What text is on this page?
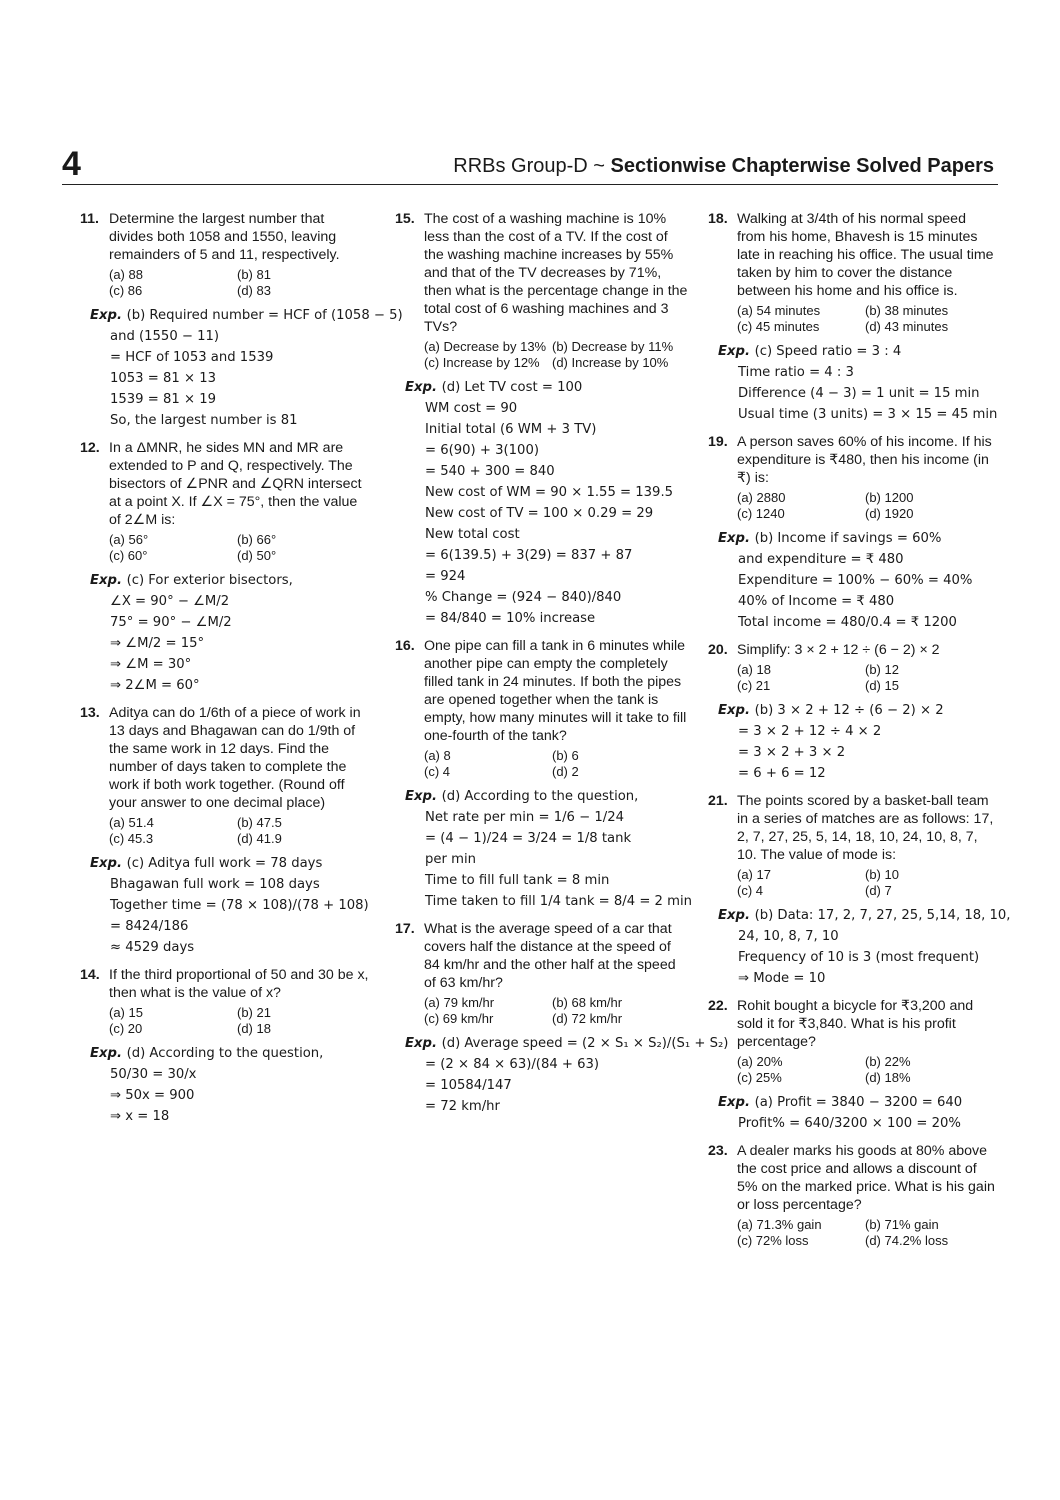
4	RRBs Group-D ~ Sectionwise Chapterwise Solved Papers
11. Determine the largest number that divides both 1058 and 1550, leaving remainders of 5 and 11, respectively.
(a) 88	(b) 81
(c) 86	(d) 83
Exp. (b) Required number = HCF of (1058 − 5)
and (1550 − 11)
= HCF of 1053 and 1539
1053 = 81 × 13
1539 = 81 × 19
So, the largest number is 81
12. In a ΔMNR, he sides MN and MR are extended to P and Q, respectively. The bisectors of ∠PNR and ∠QRN intersect at a point X. If ∠X = 75°, then the value of 2∠M is:
(a) 56°	(b) 66°
(c) 60°	(d) 50°
Exp. (c) For exterior bisectors,
∠X = 90° − ∠M/2
75° = 90° − ∠M/2
⇒ ∠M/2 = 15°
⇒ ∠M = 30°
⇒ 2∠M = 60°
13. Aditya can do 1/6th of a piece of work in 13 days and Bhagawan can do 1/9th of the same work in 12 days. Find the number of days taken to complete the work if both work together. (Round off your answer to one decimal place)
(a) 51.4	(b) 47.5
(c) 45.3	(d) 41.9
Exp. (c) Aditya full work = 78 days
Bhagawan full work = 108 days
Together time = (78 × 108)/(78 + 108)
= 8424/186
≈ 4529 days
14. If the third proportional of 50 and 30 be x, then what is the value of x?
(a) 15	(b) 21
(c) 20	(d) 18
Exp. (d) According to the question,
50/30 = 30/x
⇒ 50x = 900
⇒ x = 18
15. The cost of a washing machine is 10% less than the cost of a TV. If the cost of the washing machine increases by 55% and that of the TV decreases by 71%, then what is the percentage change in the total cost of 6 washing machines and 3 TVs?
(a) Decrease by 13% (b) Decrease by 11%
(c) Increase by 12% (d) Increase by 10%
Exp. (d) Let TV cost = 100
WM cost = 90
Initial total (6 WM + 3 TV)
= 6(90) + 3(100)
= 540 + 300 = 840
New cost of WM = 90 × 1.55 = 139.5
New cost of TV = 100 × 0.29 = 29
New total cost
= 6(139.5) + 3(29) = 837 + 87
= 924
% Change = (924 − 840)/840
= 84/840 = 10% increase
16. One pipe can fill a tank in 6 minutes while another pipe can empty the completely filled tank in 24 minutes. If both the pipes are opened together when the tank is empty, how many minutes will it take to fill one-fourth of the tank?
(a) 8	(b) 6
(c) 4	(d) 2
Exp. (d) According to the question,
Net rate per min = 1/6 − 1/24
= (4 − 1)/24 = 3/24 = 1/8 tank
per min
Time to fill full tank = 8 min
Time taken to fill 1/4 tank = 8/4 = 2 min
17. What is the average speed of a car that covers half the distance at the speed of 84 km/hr and the other half at the speed of 63 km/hr?
(a) 79 km/hr	(b) 68 km/hr
(c) 69 km/hr	(d) 72 km/hr
Exp. (d) Average speed = (2 × S₁ × S₂)/(S₁ + S₂)
= (2 × 84 × 63)/(84 + 63)
= 10584/147
= 72 km/hr
18. Walking at 3/4th of his normal speed from his home, Bhavesh is 15 minutes late in reaching his office. The usual time taken by him to cover the distance between his home and his office is.
(a) 54 minutes	(b) 38 minutes
(c) 45 minutes	(d) 43 minutes
Exp. (c) Speed ratio = 3 : 4
Time ratio = 4 : 3
Difference (4 − 3) = 1 unit = 15 min
Usual time (3 units) = 3 × 15 = 45 min
19. A person saves 60% of his income. If his expenditure is ₹480, then his income (in ₹) is:
(a) 2880	(b) 1200
(c) 1240	(d) 1920
Exp. (b) Income if savings = 60%
and expenditure = ₹ 480
Expenditure = 100% − 60% = 40%
40% of Income = ₹ 480
Total income = 480/0.4 = ₹ 1200
20. Simplify: 3 × 2 + 12 ÷ (6 − 2) × 2
(a) 18	(b) 12
(c) 21	(d) 15
Exp. (b) 3 × 2 + 12 ÷ (6 − 2) × 2
= 3 × 2 + 12 ÷ 4 × 2
= 3 × 2 + 3 × 2
= 6 + 6 = 12
21. The points scored by a basket-ball team in a series of matches are as follows: 17, 2, 7, 27, 25, 5, 14, 18, 10, 24, 10, 8, 7, 10. The value of mode is:
(a) 17	(b) 10
(c) 4	(d) 7
Exp. (b) Data: 17, 2, 7, 27, 25, 5,14, 18, 10,
24, 10, 8, 7, 10
Frequency of 10 is 3 (most frequent)
⇒ Mode = 10
22. Rohit bought a bicycle for ₹3,200 and sold it for ₹3,840. What is his profit percentage?
(a) 20%	(b) 22%
(c) 25%	(d) 18%
Exp. (a) Profit = 3840 − 3200 = 640
Profit% = 640/3200 × 100 = 20%
23. A dealer marks his goods at 80% above the cost price and allows a discount of 5% on the marked price. What is his gain or loss percentage?
(a) 71.3% gain	(b) 71% gain
(c) 72% loss	(d) 74.2% loss
